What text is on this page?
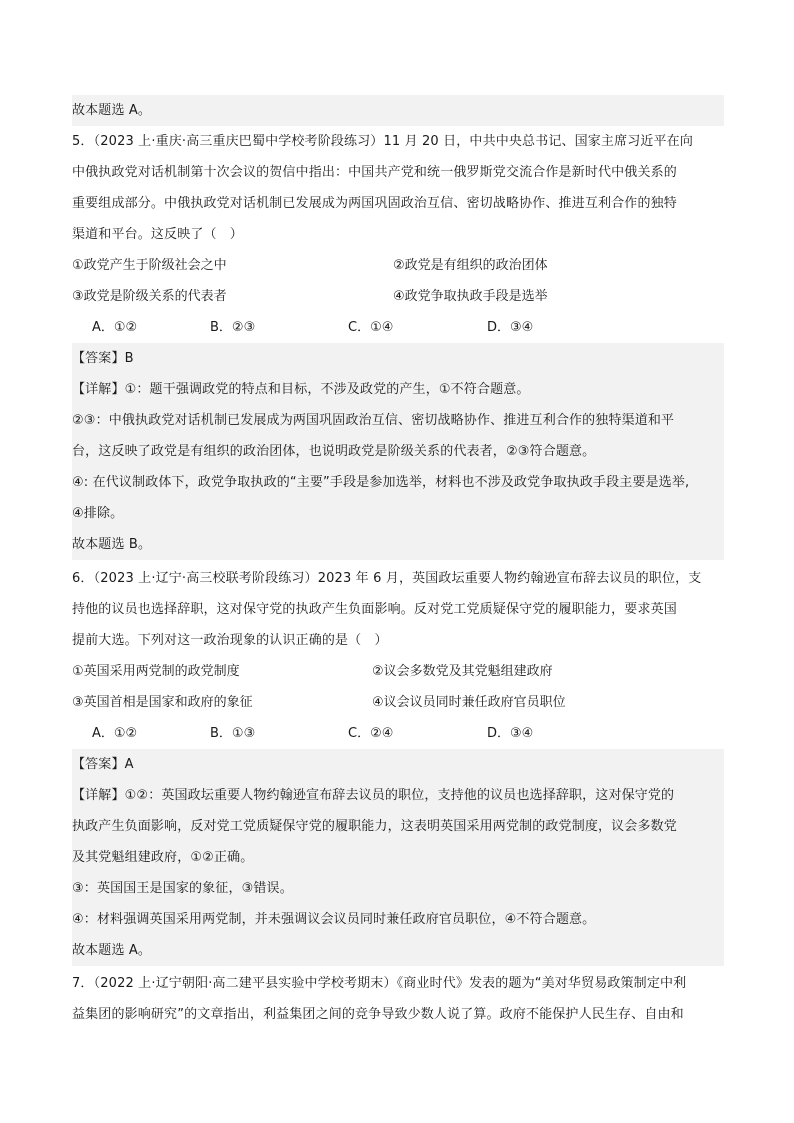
故本题选 A。
5．（2023 上·重庆·高三重庆巴蜀中学校考阶段练习）11 月 20 日，中共中央总书记、国家主席习近平在向
中俄执政党对话机制第十次会议的贺信中指出：中国共产党和统一俄罗斯党交流合作是新时代中俄关系的
重要组成部分。中俄执政党对话机制已发展成为两国巩固政治互信、密切战略协作、推进互利合作的独特
渠道和平台。这反映了（　）
①政党产生于阶级社会之中	②政党是有组织的政治团体
③政党是阶级关系的代表者	④政党争取执政手段是选举
A．①②	B．②③	C．①④	D．③④
【答案】B
【详解】①：题干强调政党的特点和目标，不涉及政党的产生，①不符合题意。
②③：中俄执政党对话机制已发展成为两国巩固政治互信、密切战略协作、推进互利合作的独特渠道和平
台，这反映了政党是有组织的政治团体，也说明政党是阶级关系的代表者，②③符合题意。
④: 在代议制政体下，政党争取执政的“主要”手段是参加选举，材料也不涉及政党争取执政手段主要是选举,
④排除。
故本题选 B。
6．（2023 上·辽宁·高三校联考阶段练习）2023 年 6 月，英国政坛重要人物约翰逊宣布辞去议员的职位，支
持他的议员也选择辞职，这对保守党的执政产生负面影响。反对党工党质疑保守党的履职能力，要求英国
提前大选。下列对这一政治现象的认识正确的是（　）
①英国采用两党制的政党制度	②议会多数党及其党魁组建政府
③英国首相是国家和政府的象征	④议会议员同时兼任政府官员职位
A．①②	B．①③	C．②④	D．③④
【答案】A
【详解】①②：英国政坛重要人物约翰逊宣布辞去议员的职位，支持他的议员也选择辞职，这对保守党的
执政产生负面影响，反对党工党质疑保守党的履职能力，这表明英国采用两党制的政党制度，议会多数党
及其党魁组建政府，①②正确。
③：英国国王是国家的象征，③错误。
④：材料强调英国采用两党制，并未强调议会议员同时兼任政府官员职位，④不符合题意。
故本题选 A。
7．（2022 上·辽宁朝阳·高二建平县实验中学校考期末）《商业时代》发表的题为“美对华贸易政策制定中利
益集团的影响研究”的文章指出，利益集团之间的竞争导致少数人说了算。政府不能保护人民生存、自由和
